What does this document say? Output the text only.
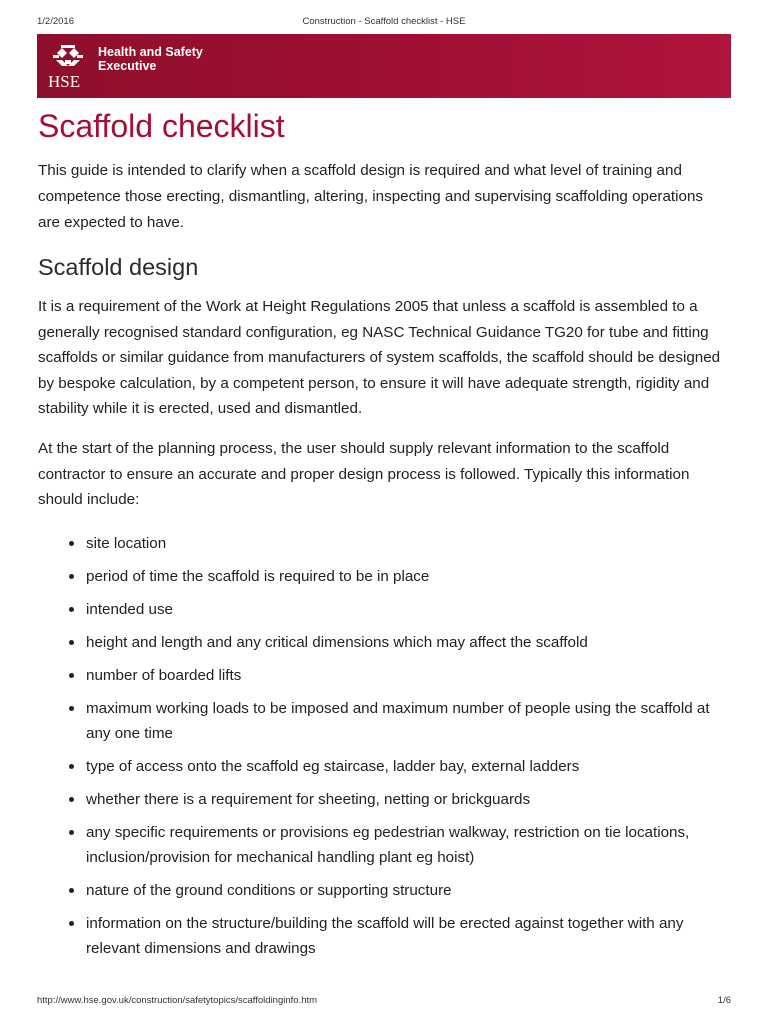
1/2/2016	Construction - Scaffold checklist - HSE
HSE
Health and Safety
Executive
Scaffold checklist

This guide is intended to clarify when a scaffold design is required and what level of training and competence those erecting, dismantling, altering, inspecting and supervising scaffolding operations are expected to have.

Scaffold design

It is a requirement of the Work at Height Regulations 2005 that unless a scaffold is assembled to a generally recognised standard configuration, eg NASC Technical Guidance TG20 for tube and fitting scaffolds or similar guidance from manufacturers of system scaffolds, the scaffold should be designed by bespoke calculation, by a competent person, to ensure it will have adequate strength, rigidity and stability while it is erected, used and dismantled.

At the start of the planning process, the user should supply relevant information to the scaffold contractor to ensure an accurate and proper design process is followed. Typically this information should include:

site location
period of time the scaffold is required to be in place
intended use
height and length and any critical dimensions which may affect the scaffold
number of boarded lifts
maximum working loads to be imposed and maximum number of people using the scaffold at any one time
type of access onto the scaffold eg staircase, ladder bay, external ladders
whether there is a requirement for sheeting, netting or brickguards
any specific requirements or provisions eg pedestrian walkway, restriction on tie locations, inclusion/provision for mechanical handling plant eg hoist)
nature of the ground conditions or supporting structure
information on the structure/building the scaffold will be erected against together with any relevant dimensions and drawings
http://www.hse.gov.uk/construction/safetytopics/scaffoldinginfo.htm	1/6
